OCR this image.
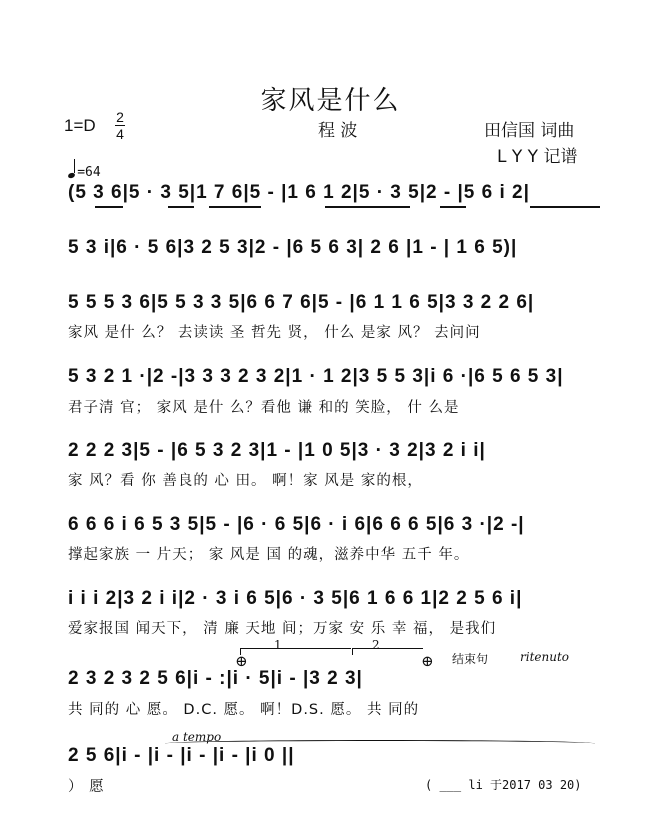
家风是什么
1=D 2
4	程 波	田信国 词曲
L Y Y 记谱
=64
(5 3 6|5 · 3 5|1 7 6|5 - |1 6 1 2|5 · 3 5|2 - |5 6 i 2|
5 3 i|6 · 5 6|3 2 5 3|2 - |6 5 6 3| 2 6 |1 - | 1 6 5)|
5 5 5 3 6|5 5 3 3 5|6 6 7 6|5 - |6 1 1 6 5|3 3 2 2 6|
家风 是什 么？ 去读读 圣 哲先 贤， 什么 是家 风？ 去问问
5 3 2 1 ·|2 -|3 3 3 2 3 2|1 · 1 2|3 5 5 3|i 6 ·|6 5 6 5 3|
君子清 官； 家风 是什 么？看他 谦 和的 笑脸， 什 么是
2 2 2 3|5 - |6 5 3 2 3|1 - |1 0 5|3 · 3 2|3 2 i i|
家 风？看 你 善良的 心 田。 啊！家 风是 家的根，
6 6 6 i 6 5 3 5|5 - |6 · 6 5|6 · i 6|6 6 6 5|6 3 ·|2 -|
撑起家族 一 片天； 家 风是 国 的魂，滋养中华 五千 年。
i i i 2|3 2 i i|2 · 3 i 6 5|6 · 3 5|6 1 6 6 1|2 2 5 6 i|
爱家报国 闻天下， 清 廉 天地 间；万家 安 乐 幸 福， 是我们
1	2
⊕	⊕ 结束句	ritenuto
2 3 2 3 2 5 6|i - :|i · 5|i - |3 2 3|
共 同的 心 愿。 D.C. 愿。 啊！D.S. 愿。 共 同的
a tempo
2 5 6|i - |i - |i - |i - |i 0 ||
） 愿	( ___ li 于2017 03 20)
